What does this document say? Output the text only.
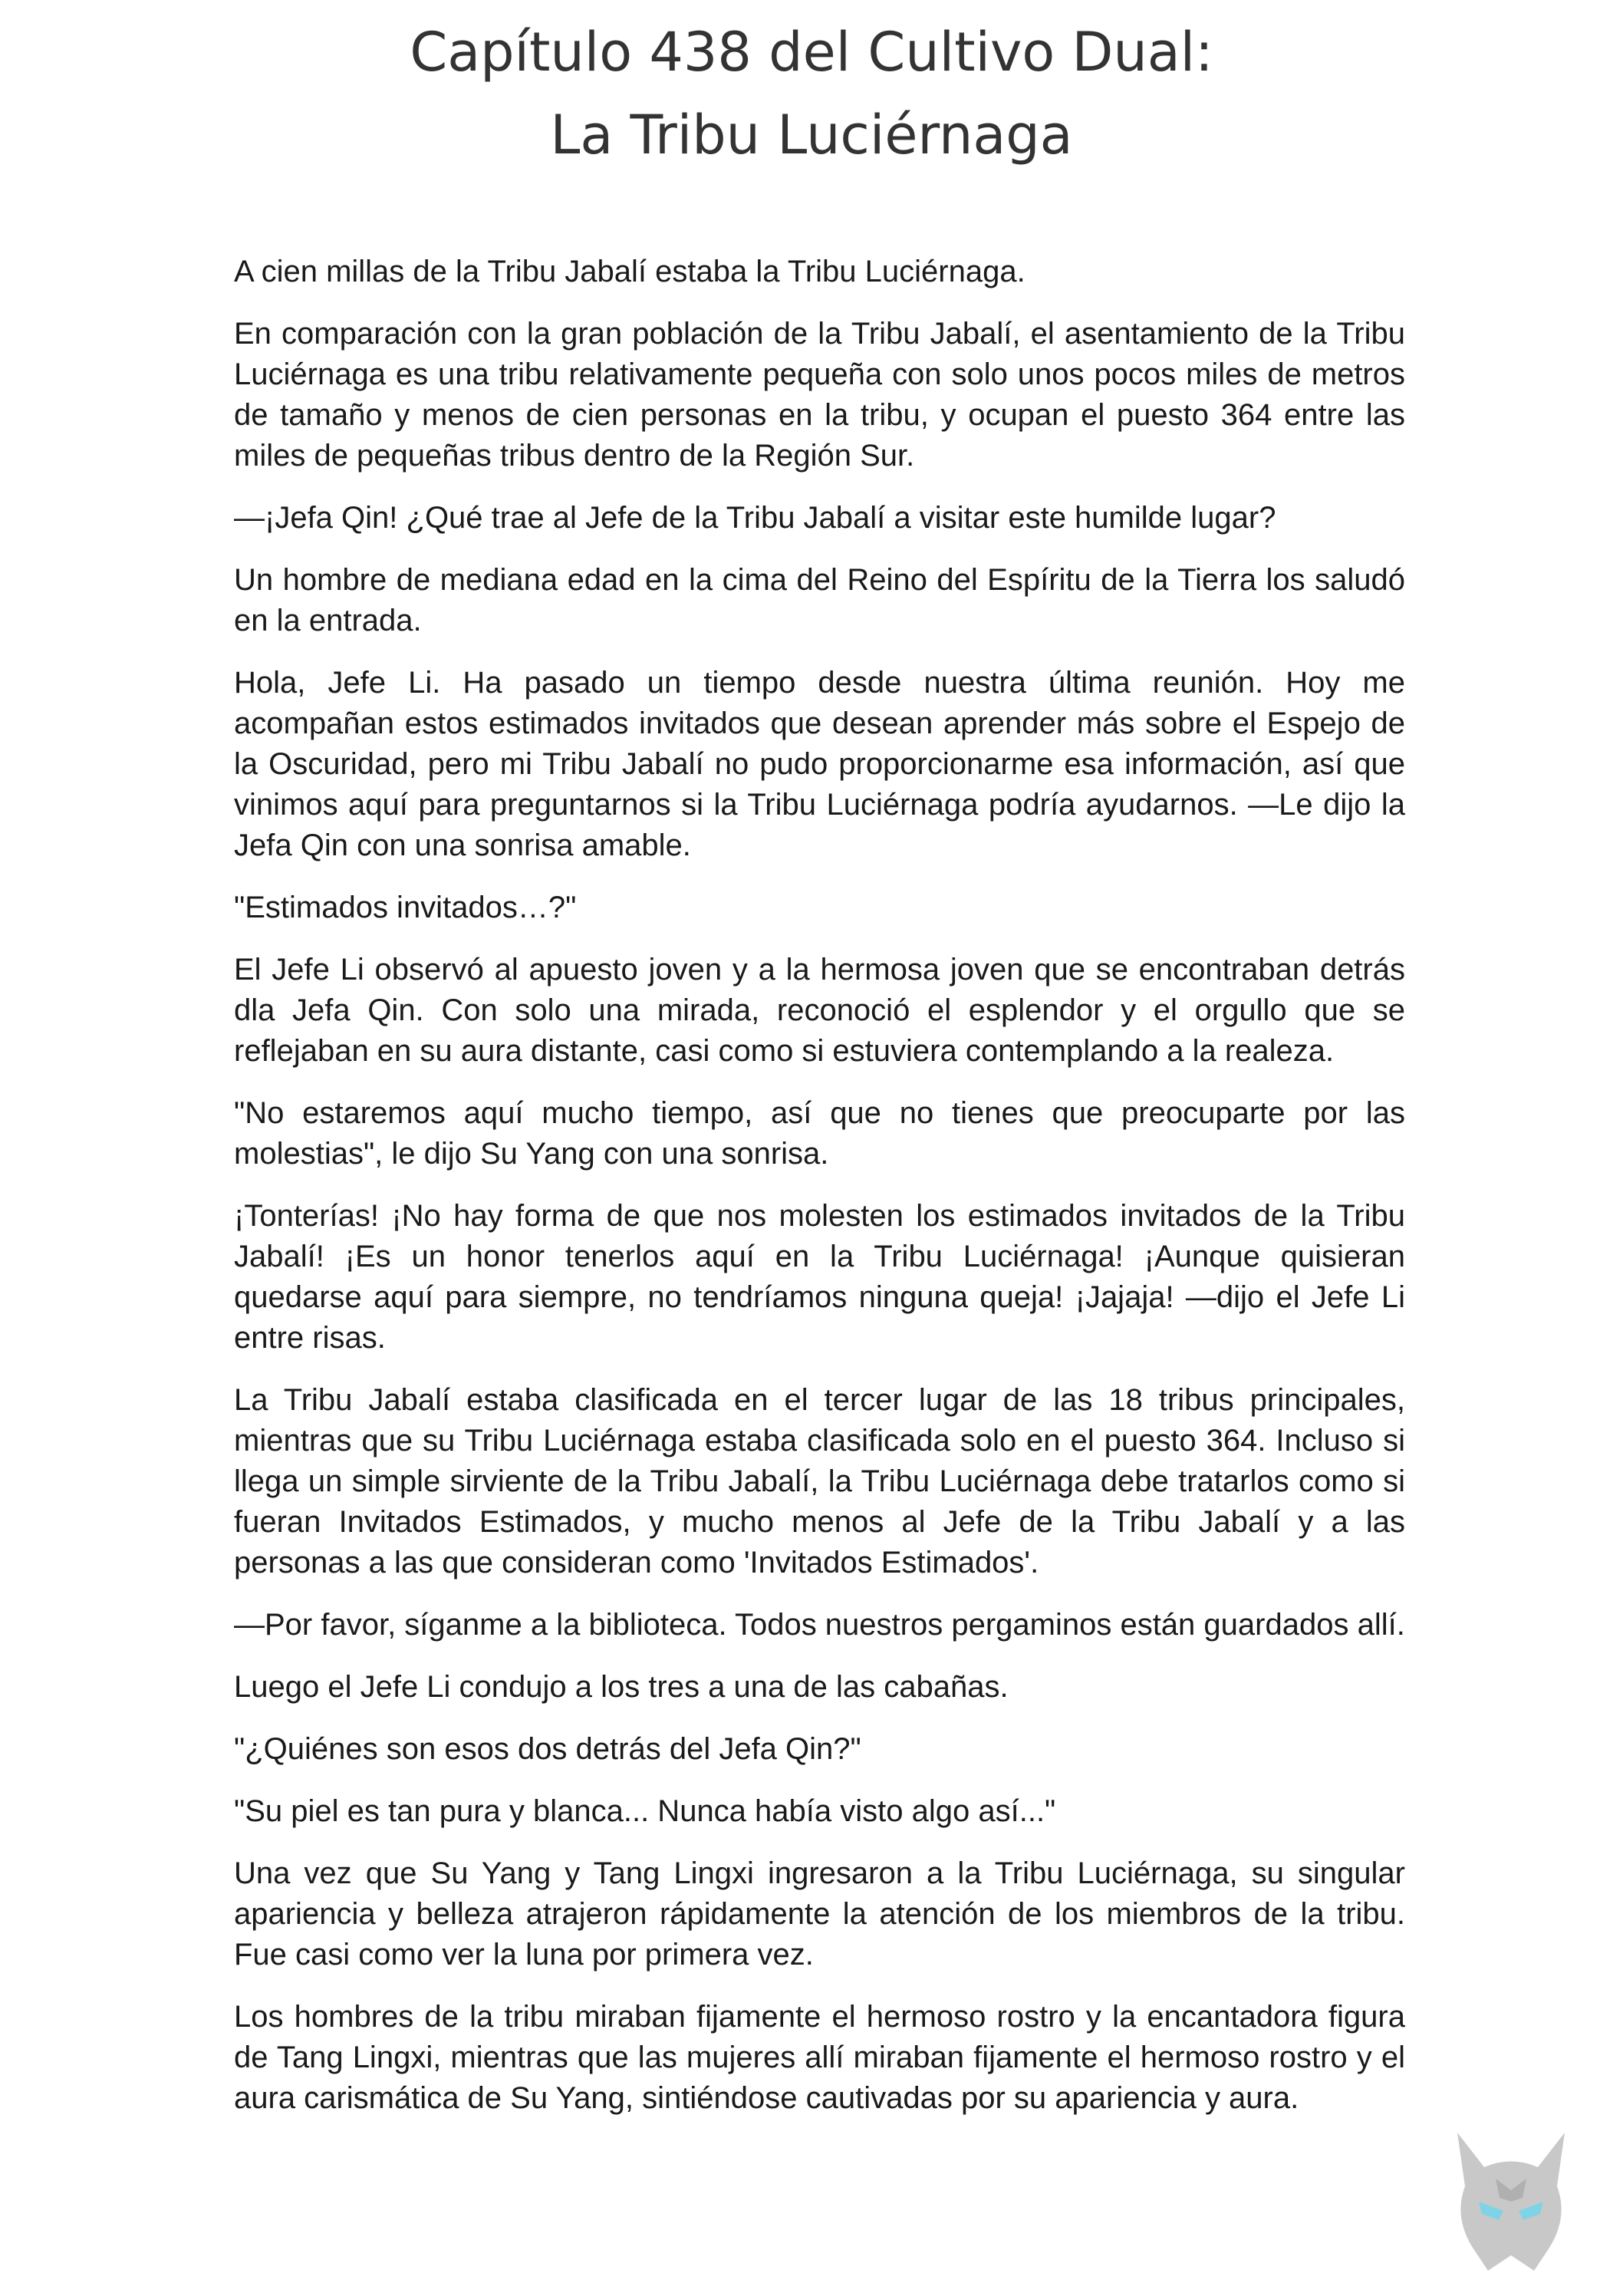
Capítulo 438 del Cultivo Dual:
La Tribu Luciérnaga

A cien millas de la Tribu Jabalí estaba la Tribu Luciérnaga.

En comparación con la gran población de la Tribu Jabalí, el asentamiento de la Tribu Luciérnaga es una tribu relativamente pequeña con solo unos pocos miles de metros de tamaño y menos de cien personas en la tribu, y ocupan el puesto 364 entre las miles de pequeñas tribus dentro de la Región Sur.

—¡Jefa Qin! ¿Qué trae al Jefe de la Tribu Jabalí a visitar este humilde lugar?

Un hombre de mediana edad en la cima del Reino del Espíritu de la Tierra los saludó en la entrada.

Hola, Jefe Li. Ha pasado un tiempo desde nuestra última reunión. Hoy me acompañan estos estimados invitados que desean aprender más sobre el Espejo de la Oscuridad, pero mi Tribu Jabalí no pudo proporcionarme esa información, así que vinimos aquí para preguntarnos si la Tribu Luciérnaga podría ayudarnos. —Le dijo la Jefa Qin con una sonrisa amable.

"Estimados invitados…?"

El Jefe Li observó al apuesto joven y a la hermosa joven que se encontraban detrás dla Jefa Qin. Con solo una mirada, reconoció el esplendor y el orgullo que se reflejaban en su aura distante, casi como si estuviera contemplando a la realeza.

"No estaremos aquí mucho tiempo, así que no tienes que preocuparte por las molestias", le dijo Su Yang con una sonrisa.

¡Tonterías! ¡No hay forma de que nos molesten los estimados invitados de la Tribu Jabalí! ¡Es un honor tenerlos aquí en la Tribu Luciérnaga! ¡Aunque quisieran quedarse aquí para siempre, no tendríamos ninguna queja! ¡Jajaja! —dijo el Jefe Li entre risas.

La Tribu Jabalí estaba clasificada en el tercer lugar de las 18 tribus principales, mientras que su Tribu Luciérnaga estaba clasificada solo en el puesto 364. Incluso si llega un simple sirviente de la Tribu Jabalí, la Tribu Luciérnaga debe tratarlos como si fueran Invitados Estimados, y mucho menos al Jefe de la Tribu Jabalí y a las personas a las que consideran como 'Invitados Estimados'.

—Por favor, síganme a la biblioteca. Todos nuestros pergaminos están guardados allí.

Luego el Jefe Li condujo a los tres a una de las cabañas.

"¿Quiénes son esos dos detrás del Jefa Qin?"

"Su piel es tan pura y blanca... Nunca había visto algo así..."

Una vez que Su Yang y Tang Lingxi ingresaron a la Tribu Luciérnaga, su singular apariencia y belleza atrajeron rápidamente la atención de los miembros de la tribu. Fue casi como ver la luna por primera vez.

Los hombres de la tribu miraban fijamente el hermoso rostro y la encantadora figura de Tang Lingxi, mientras que las mujeres allí miraban fijamente el hermoso rostro y el aura carismática de Su Yang, sintiéndose cautivadas por su apariencia y aura.
